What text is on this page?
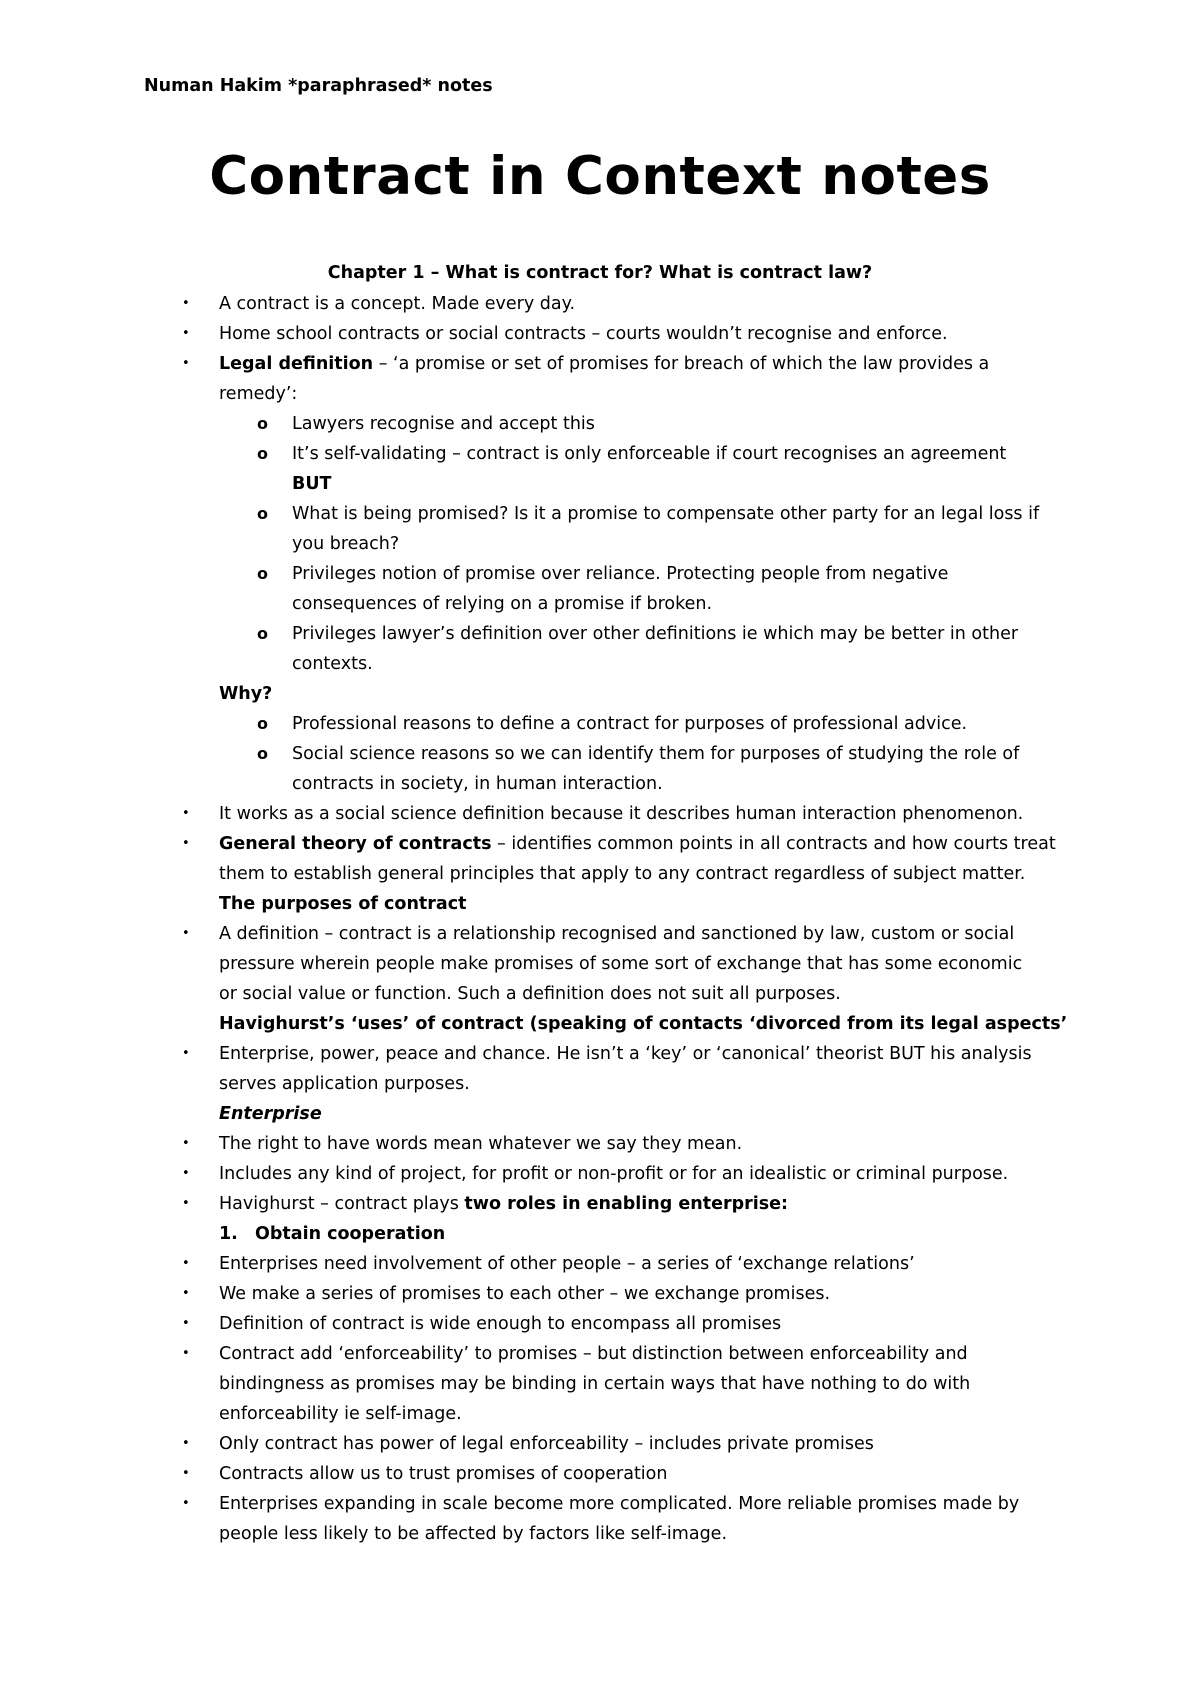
Numan Hakim *paraphrased* notes
Contract in Context notes
Chapter 1 – What is contract for? What is contract law?
• A contract is a concept. Made every day.
• Home school contracts or social contracts – courts wouldn’t recognise and enforce.
• Legal definition – ‘a promise or set of promises for breach of which the law provides a
remedy’:
o Lawyers recognise and accept this
o It’s self-validating – contract is only enforceable if court recognises an agreement
BUT
o What is being promised? Is it a promise to compensate other party for an legal loss if
you breach?
o Privileges notion of promise over reliance. Protecting people from negative
consequences of relying on a promise if broken.
o Privileges lawyer’s definition over other definitions ie which may be better in other
contexts.
Why?
o Professional reasons to define a contract for purposes of professional advice.
o Social science reasons so we can identify them for purposes of studying the role of
contracts in society, in human interaction.
• It works as a social science definition because it describes human interaction phenomenon.
• General theory of contracts – identifies common points in all contracts and how courts treat
them to establish general principles that apply to any contract regardless of subject matter.
The purposes of contract
• A definition – contract is a relationship recognised and sanctioned by law, custom or social
pressure wherein people make promises of some sort of exchange that has some economic
or social value or function. Such a definition does not suit all purposes.
Havighurst’s ‘uses’ of contract (speaking of contacts ‘divorced from its legal aspects’
• Enterprise, power, peace and chance. He isn’t a ‘key’ or ‘canonical’ theorist BUT his analysis
serves application purposes.
Enterprise
• The right to have words mean whatever we say they mean.
• Includes any kind of project, for profit or non-profit or for an idealistic or criminal purpose.
• Havighurst – contract plays two roles in enabling enterprise:
1. Obtain cooperation
• Enterprises need involvement of other people – a series of ‘exchange relations’
• We make a series of promises to each other – we exchange promises.
• Definition of contract is wide enough to encompass all promises
• Contract add ‘enforceability’ to promises – but distinction between enforceability and
bindingness as promises may be binding in certain ways that have nothing to do with
enforceability ie self-image.
• Only contract has power of legal enforceability – includes private promises
• Contracts allow us to trust promises of cooperation
• Enterprises expanding in scale become more complicated. More reliable promises made by
people less likely to be affected by factors like self-image.
